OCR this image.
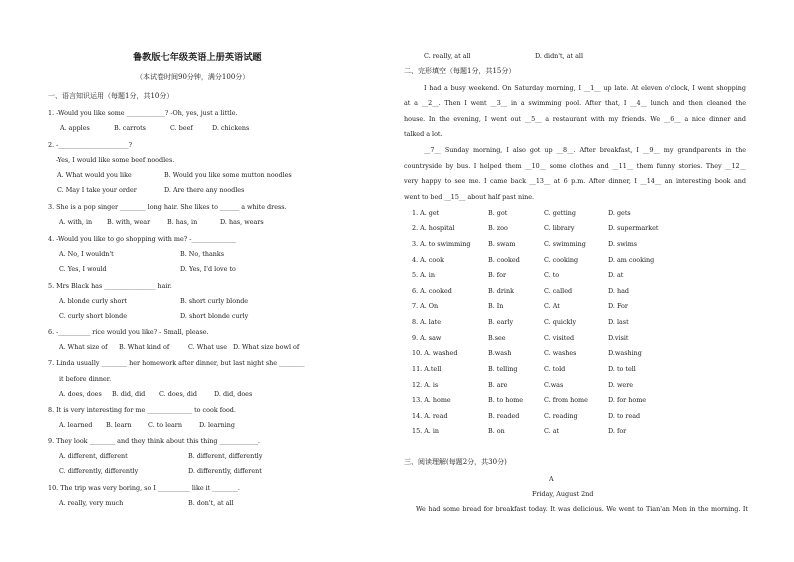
鲁教版七年级英语上册英语试题
（本试卷时间90分钟，满分100分）
一、语言知识运用（每题1分，共10分）
1. -Would you like some ____________? -Oh, yes, just a little.
A. apples	B. carrots	C. beef	D. chickens
2. -______________________?
-Yes, I would like some beef noodles.
A. What would you like	B. Would you like some mutton noodles
C. May I take your order	D. Are there any noodles
3. She is a pop singer ________ long hair. She likes to ______ a white dress.
A. with, in B. with, wear	B. has, in	D. has, wears
4. -Would you like to go shopping with me? -______________
A. No, I wouldn't	B. No, thanks
C. Yes, I would	D. Yes, I'd love to
5. Mrs Black has ________________ hair.
A. blonde curly short	B. short curly blonde
C. curly short blonde	D. short blonde curly
6. -__________ rice would you like? - Small, please.
A. What size of B. What kind of	C. What use D. What size bowl of
7. Linda usually ________ her homework after dinner, but last night she ________
it before dinner.
A. does, does B. did, did C. does, did	D. did, does
8. It is very interesting for me ______________ to cook food.
A. learned B. learn	C. to learn	D. learning
9. They look ________ and they think about this thing ____________.
A. different, different	B. different, differently
C. differently, differently	D. differently, different
10. The trip was very boring, so I __________ like it ________.
A. really, very much	B. don't, at all
C. really, at all	D. didn't, at all
二、完形填空（每题1分，共15分）
I had a busy weekend. On Saturday morning, I __1__ up late. At eleven o'clock, I went shopping
at a __2__. Then I went __3__ in a swimming pool. After that, I __4__ lunch and then cleaned the
house. In the evening, I went out __5__ a restaurant with my friends. We __6__ a nice dinner and
talked a lot.
__7__ Sunday morning, I also got up __8__. After breakfast, I __9__ my grandparents in the
countryside by bus. I helped them __10__ some clothes and __11__ them funny stories. They __12__
very happy to see me. I came back __13__ at 6 p.m. After dinner, I __14__ an interesting book and
went to bed __15__ about half past nine.
1. A. get	B. got	C. getting	D. gets
2. A. hospital	B. zoo	C. library	D. supermarket
3. A. to swimming	B. swam	C. swimming	D. swims
4. A. cook	B. cooked	C. cooking	D. am cooking
5. A. in	B. for	C. to	D. at
6. A. cooked	B. drink	C. called	D. had
7. A. On	B. In	C. At	D. For
8. A. late	B. early	C. quickly	D. last
9. A. saw	B.see	C. visited	D.visit
10. A. washed	B.wash	C. washes	D.washing
11. A.tell	B. telling	C. told	D. to tell
12. A. is	B. are	C.was	D. were
13. A. home	B. to home	C. from home	D. for home
14. A. read	B. readed	C. reading	D. to read
15. A. in	B. on	C. at	D. for
三、阅读理解(每题2分，共30分)
A
Friday, August 2nd
We had some bread for breakfast today. It was delicious. We went to Tian'an Men in the morning. It
